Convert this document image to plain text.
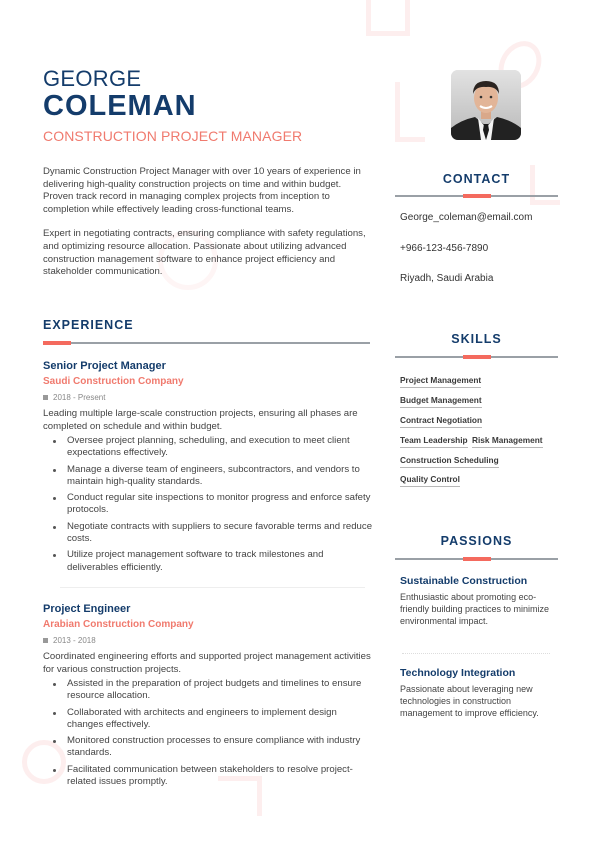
GEORGE
COLEMAN
CONSTRUCTION PROJECT MANAGER

Dynamic Construction Project Manager with over 10 years of experience in delivering high-quality construction projects on time and within budget. Proven track record in managing complex projects from inception to completion while effectively leading cross-functional teams.

Expert in negotiating contracts, ensuring compliance with safety regulations, and optimizing resource allocation. Passionate about utilizing advanced construction management software to enhance project efficiency and stakeholder communication.

EXPERIENCE
Senior Project Manager
Saudi Construction Company
2018 - Present
Leading multiple large-scale construction projects, ensuring all phases are completed on schedule and within budget.
Oversee project planning, scheduling, and execution to meet client expectations effectively.
Manage a diverse team of engineers, subcontractors, and vendors to maintain high-quality standards.
Conduct regular site inspections to monitor progress and enforce safety protocols.
Negotiate contracts with suppliers to secure favorable terms and reduce costs.
Utilize project management software to track milestones and deliverables efficiently.
Project Engineer
Arabian Construction Company
2013 - 2018
Coordinated engineering efforts and supported project management activities for various construction projects.
Assisted in the preparation of project budgets and timelines to ensure resource allocation.
Collaborated with architects and engineers to implement design changes effectively.
Monitored construction processes to ensure compliance with industry standards.
Facilitated communication between stakeholders to resolve project-related issues promptly.
CONTACT
George_coleman@email.com
+966-123-456-7890
Riyadh, Saudi Arabia
SKILLS
Project Management
Budget Management
Contract Negotiation
Team Leadership Risk Management
Construction Scheduling
Quality Control
PASSIONS
Sustainable Construction
Enthusiastic about promoting eco-friendly building practices to minimize environmental impact.
Technology Integration
Passionate about leveraging new technologies in construction management to improve efficiency.
